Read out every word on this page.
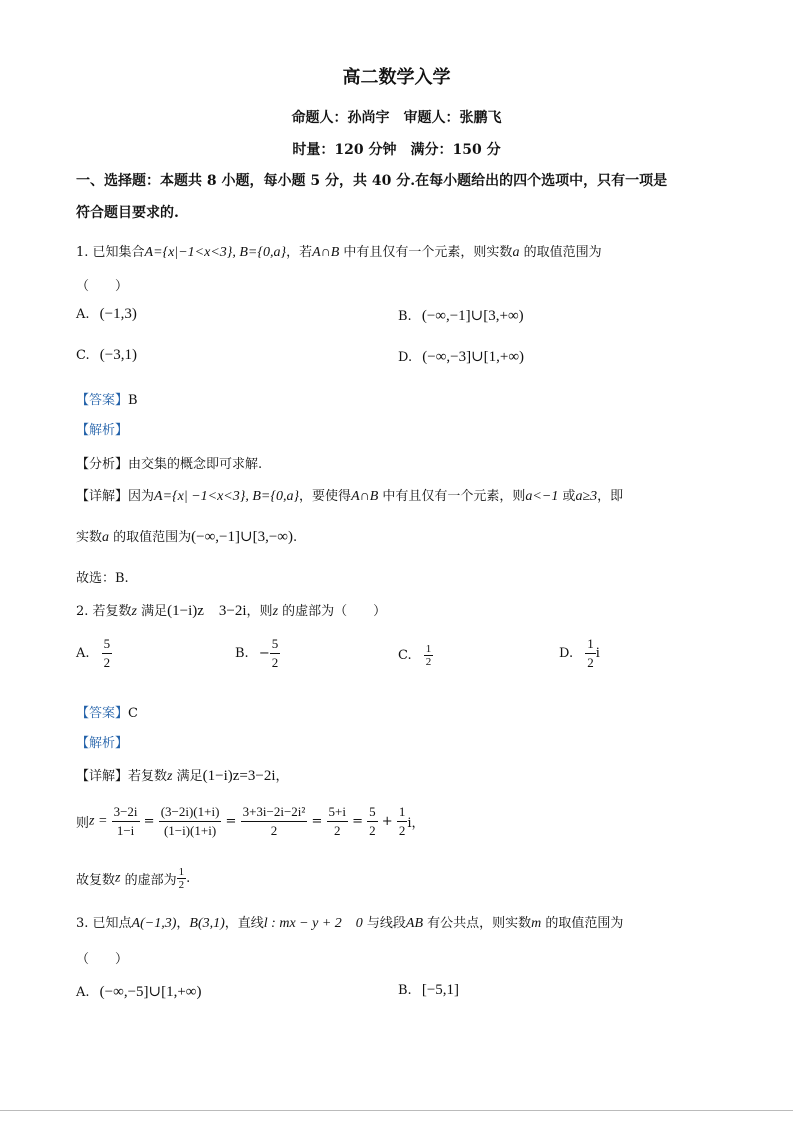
高二数学入学
命题人：孙尚宇　审题人：张鹏飞
时量：120 分钟　满分：150 分
一、选择题：本题共 8 小题，每小题 5 分，共 40 分.在每小题给出的四个选项中，只有一项是
符合题目要求的.
1. 已知集合A={x|−1<x<3}, B={0,a}，若A∩B 中有且仅有一个元素，则实数a 的取值范围为
（　　）
A. (−1,3)	B. (−∞,−1]∪[3,+∞)
C. (−3,1)	D. (−∞,−3]∪[1,+∞)
【答案】B
【解析】
【分析】由交集的概念即可求解.
【详解】因为A={x| −1<x<3}, B={0,a}，要使得A∩B 中有且仅有一个元素，则a<−1 或a≥3，即
实数a 的取值范围为(−∞,−1]∪[3,−∞).
故选：B.
2. 若复数z 满足(1−i)z　3−2i，则z 的虚部为（　　）
A. $\frac{5}{2}$	B. − $\frac{5}{2}$	C. $\frac{1}{2}$	D. $\frac{1}{2}$ i
【答案】C
【解析】
【详解】若复数z 满足(1−i)z=3−2i，
则$z = \frac{3-2i}{1-i} = \frac{(3-2i)(1+i)}{(1-i)(1+i)} = \frac{\text{3+3i−2i−2i²}}{2} = \frac{5+i}{2} = \frac{5}{2} + \frac{1}{2}$ i，
故复数z 的虚部为 $\frac{1}{2}$ .
3. 已知点A(−1,3)，B(3,1)，直线l : mx − y + 2　0 与线段AB 有公共点，则实数m 的取值范围为
（　　）
A. (−∞,−5]∪[1,+∞)	B. [−5,1]
